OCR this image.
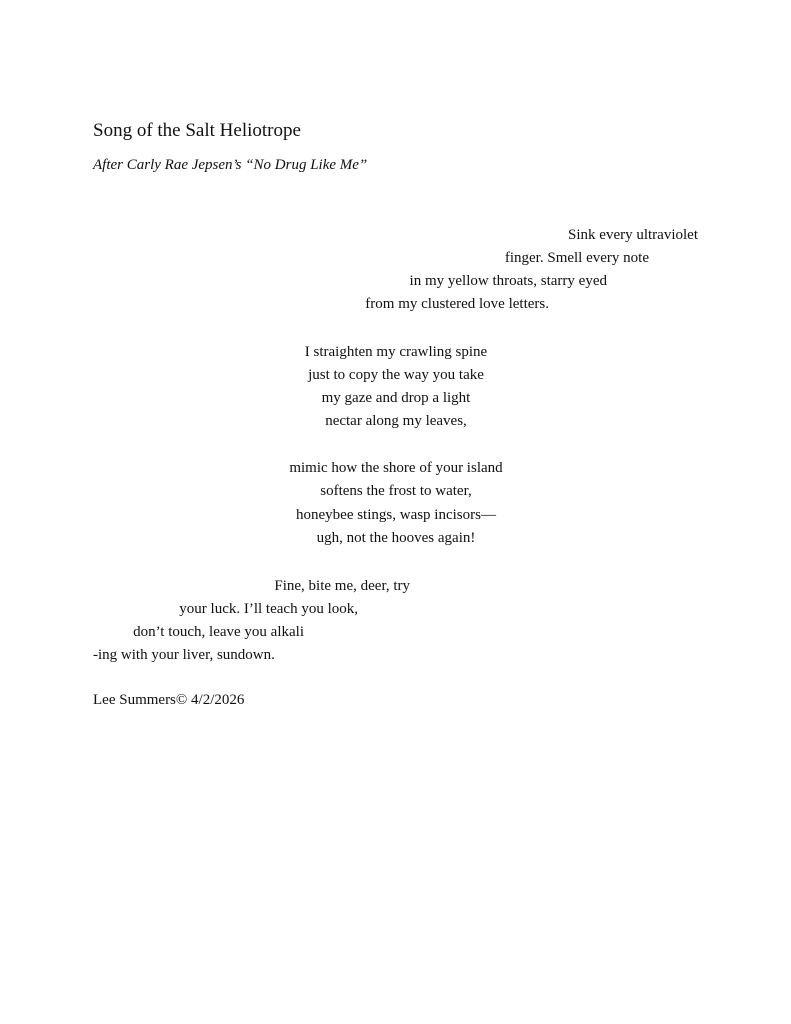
Song of the Salt Heliotrope

After Carly Rae Jepsen’s “No Drug Like Me”

Sink every ultraviolet

finger. Smell every note

in my yellow throats, starry eyed

from my clustered love letters.

I straighten my crawling spine

just to copy the way you take

my gaze and drop a light

nectar along my leaves,

mimic how the shore of your island

softens the frost to water,

honeybee stings, wasp incisors—

ugh, not the hooves again!

Fine, bite me, deer, try

your luck. I’ll teach you look,

don’t touch, leave you alkali

-ing with your liver, sundown.

Lee Summers© 4/2/2026
